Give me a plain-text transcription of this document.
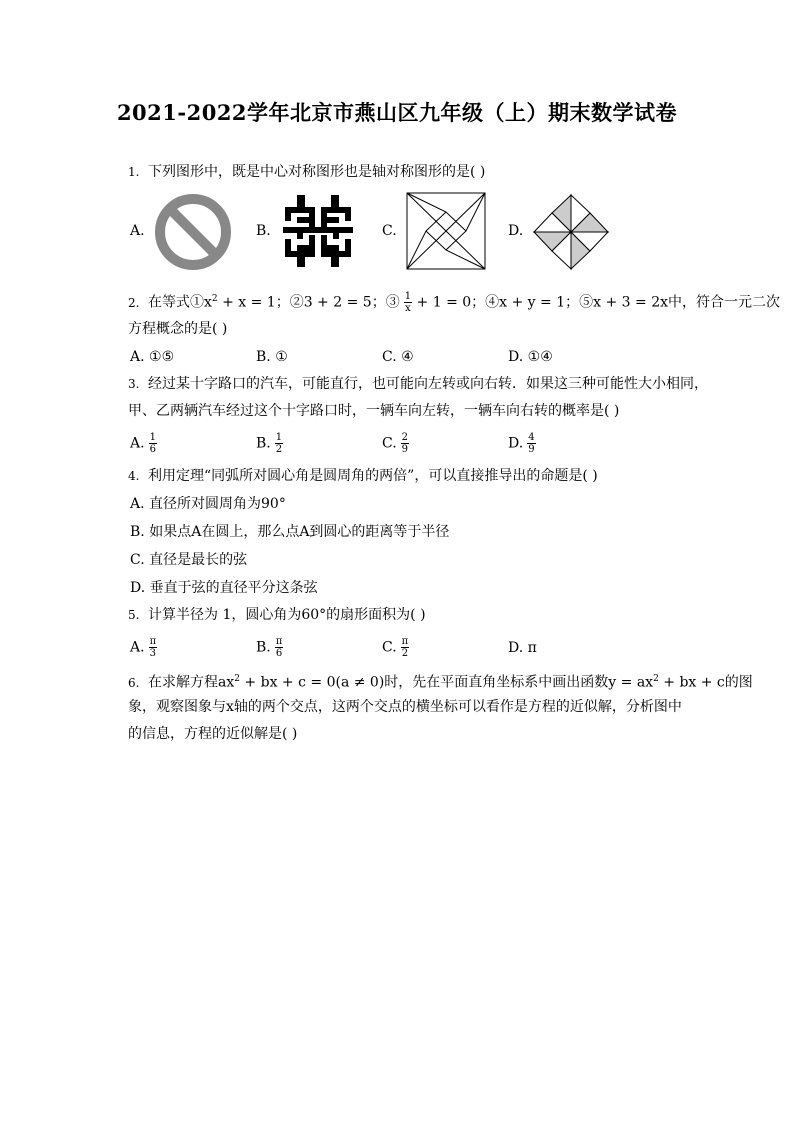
2021-2022学年北京市燕山区九年级（上）期末数学试卷
1. 下列图形中，既是中心对称图形也是轴对称图形的是( )
A.	B.	C.	D.
2. 在等式$①x^2 + x = 1$；②3 + 2 = 5；③ $\frac{1}{x} + 1 = 0$；④x + y = 1；⑤x + 3 = 2x中，符合一元二次
方程概念的是( )
A. ①⑤	B. ①	C. ④	D. ①④
3. 经过某十字路口的汽车，可能直行，也可能向左转或向右转．如果这三种可能性大小相同，
甲、乙两辆汽车经过这个十字路口时，一辆车向左转，一辆车向右转的概率是( )
A. $\frac{1}{6}$	B. $\frac{1}{2}$	C. $\frac{2}{9}$	D. $\frac{4}{9}$
4. 利用定理“同弧所对圆心角是圆周角的两倍”，可以直接推导出的命题是( )
A. 直径所对圆周角为90°
B. 如果点A在圆上，那么点A到圆心的距离等于半径
C. 直径是最长的弦
D. 垂直于弦的直径平分这条弦
5. 计算半径为 1，圆心角为60°的扇形面积为( )
A. $\frac{\pi}{3}$	B. $\frac{\pi}{6}$	C. $\frac{\pi}{2}$	D. π
6. 在求解方程$ax^2$ + bx + c = 0(a ≠ 0)时，先在平面直角坐标系中画出函数$y = ax^2$ + bx + c的图
象，观察图象与x轴的两个交点，这两个交点的横坐标可以看作是方程的近似解，分析图中
的信息，方程的近似解是( )
